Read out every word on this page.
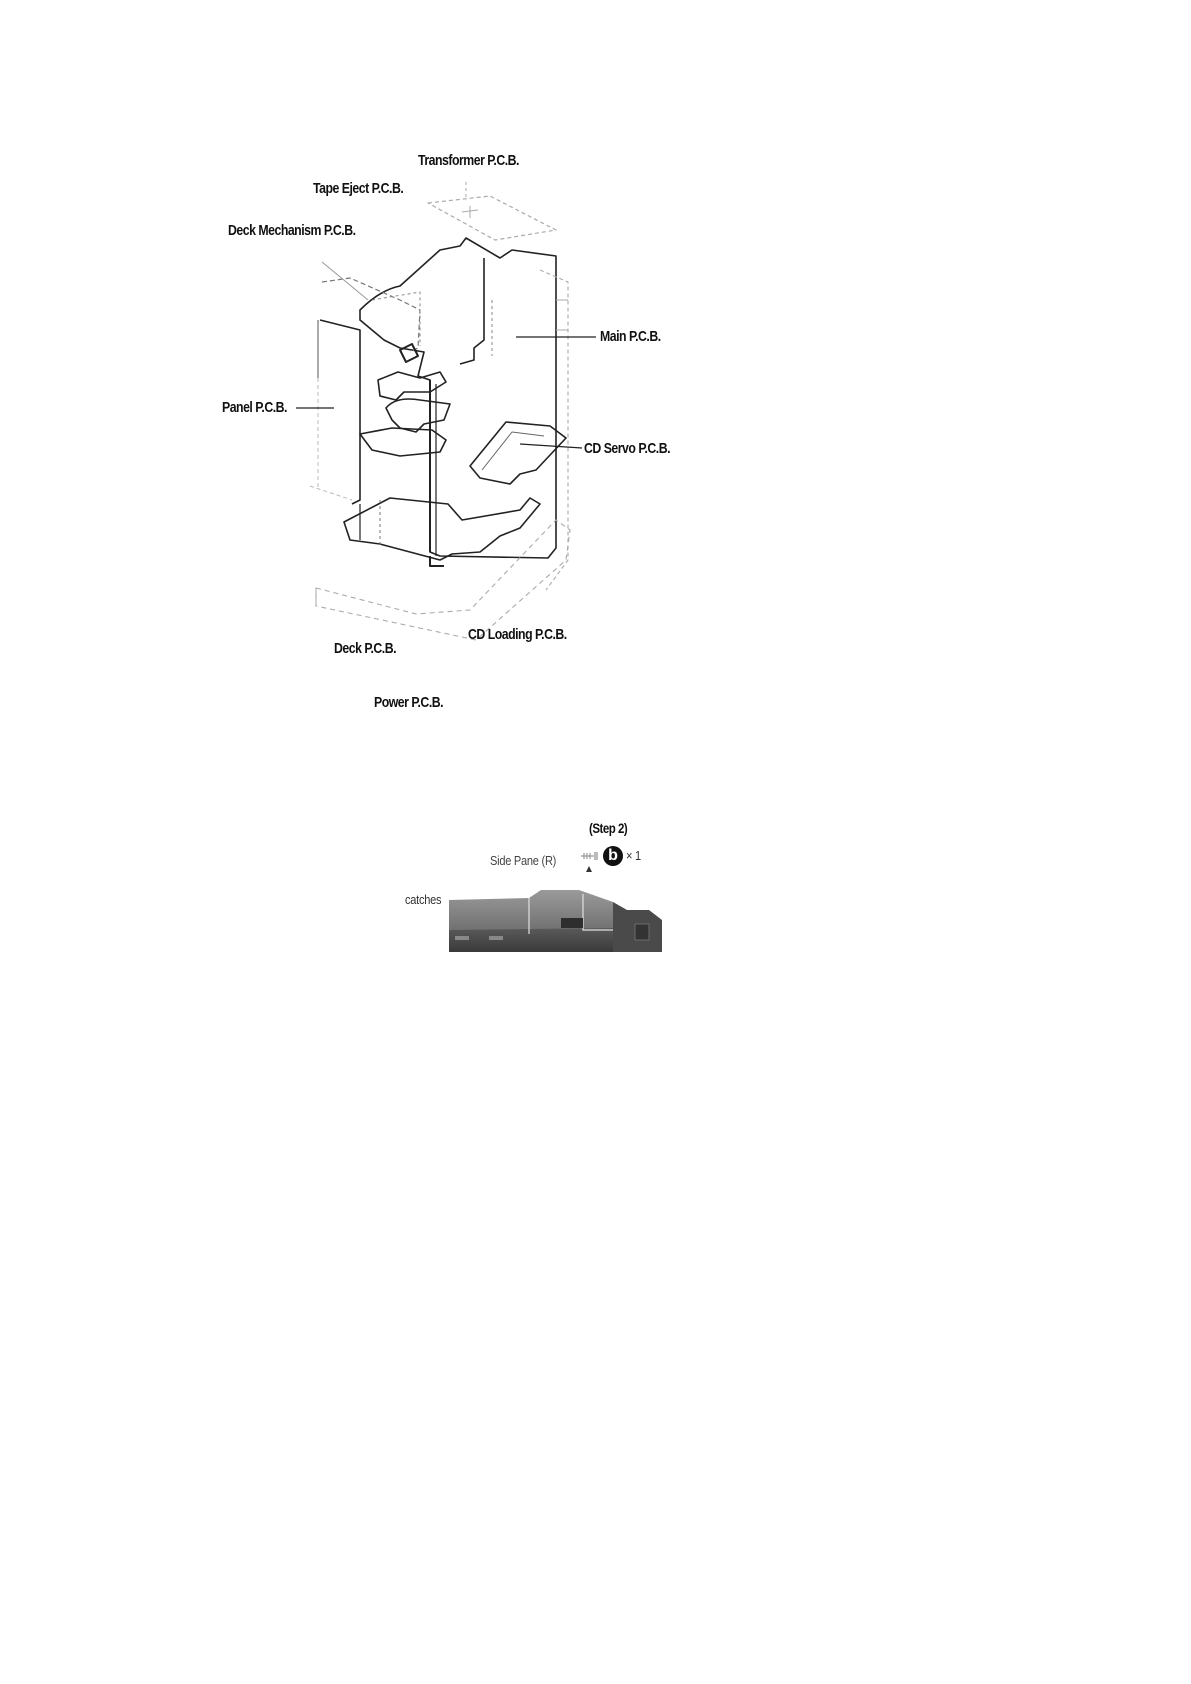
Transformer P.C.B.
Tape Eject P.C.B.
Deck Mechanism P.C.B.
Main P.C.B.
Panel P.C.B.
CD Servo P.C.B.
Deck P.C.B.
CD Loading P.C.B.
Power P.C.B.
(Step 2)
Side Pane (R)	b × 1
catches
